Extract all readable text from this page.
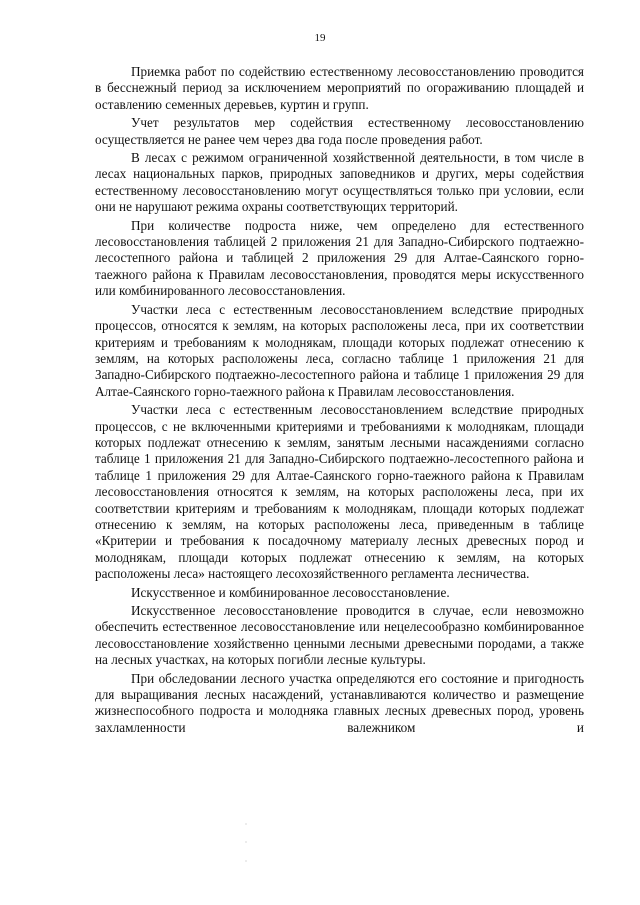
19

Приемка работ по содействию естественному лесовосстановлению проводится в бесснежный период за исключением мероприятий по огораживанию площадей и оставлению семенных деревьев, куртин и групп.

Учет результатов мер содействия естественному лесовосстановлению осуществляется не ранее чем через два года после проведения работ.

В лесах с режимом ограниченной хозяйственной деятельности, в том числе в лесах национальных парков, природных заповедников и других, меры содействия естественному лесовосстановлению могут осуществляться только при условии, если они не нарушают режима охраны соответствующих территорий.

При количестве подроста ниже, чем определено для естественного лесовосстановления таблицей 2 приложения 21 для Западно-Сибирского подтаежно-лесостепного района и таблицей 2 приложения 29 для Алтае-Саянского горно-таежного района к Правилам лесовосстановления, проводятся меры искусственного или комбинированного лесовосстановления.

Участки леса с естественным лесовосстановлением вследствие природных процессов, относятся к землям, на которых расположены леса, при их соответствии критериям и требованиям к молоднякам, площади которых подлежат отнесению к землям, на которых расположены леса, согласно таблице 1 приложения 21 для Западно-Сибирского подтаежно-лесостепного района и таблице 1 приложения 29 для Алтае-Саянского горно-таежного района к Правилам лесовосстановления.

Участки леса с естественным лесовосстановлением вследствие природных процессов, с не включенными критериями и требованиями к молоднякам, площади которых подлежат отнесению к землям, занятым лесными насаждениями согласно таблице 1 приложения 21 для Западно-Сибирского подтаежно-лесостепного района и таблице 1 приложения 29 для Алтае-Саянского горно-таежного района к Правилам лесовосстановления относятся к землям, на которых расположены леса, при их соответствии критериям и требованиям к молоднякам, площади которых подлежат отнесению к землям, на которых расположены леса, приведенным в таблице «Критерии и требования к посадочному материалу лесных древесных пород и молоднякам, площади которых подлежат отнесению к землям, на которых расположены леса» настоящего лесохозяйственного регламента лесничества.

Искусственное и комбинированное лесовосстановление.

Искусственное лесовосстановление проводится в случае, если невозможно обеспечить естественное лесовосстановление или нецелесообразно комбинированное лесовосстановление хозяйственно ценными лесными древесными породами, а также на лесных участках, на которых погибли лесные культуры.

При обследовании лесного участка определяются его состояние и пригодность для выращивания лесных насаждений, устанавливаются количество и размещение жизнеспособного подроста и молодняка главных лесных древесных пород, уровень захламленности валежником и
